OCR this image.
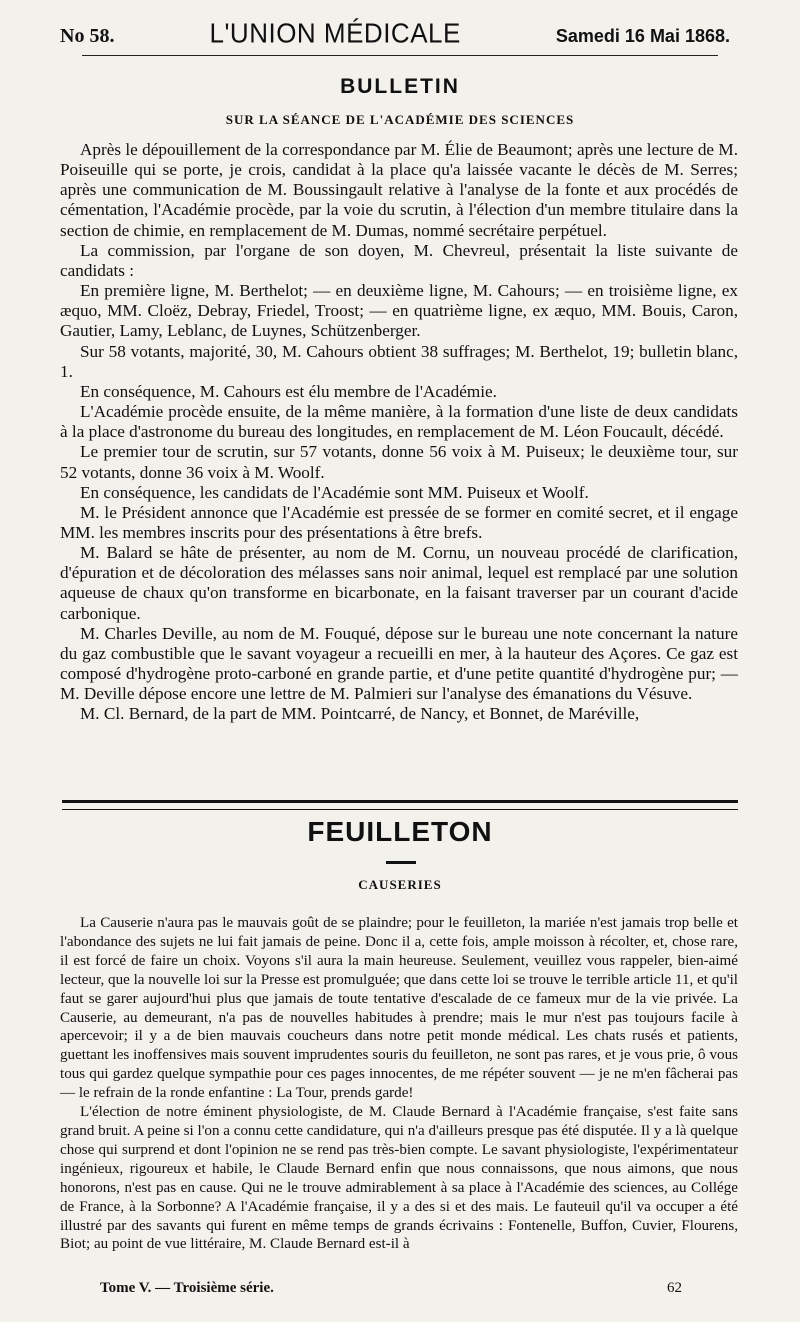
No 58.	L'UNION MÉDICALE	Samedi 16 Mai 1868.
BULLETIN
SUR LA SÉANCE DE L'ACADÉMIE DES SCIENCES

Après le dépouillement de la correspondance par M. Élie de Beaumont; après une lecture de M. Poiseuille qui se porte, je crois, candidat à la place qu'a laissée vacante le décès de M. Serres; après une communication de M. Boussingault relative à l'analyse de la fonte et aux procédés de cémentation, l'Académie procède, par la voie du scrutin, à l'élection d'un membre titulaire dans la section de chimie, en remplacement de M. Dumas, nommé secrétaire perpétuel.

La commission, par l'organe de son doyen, M. Chevreul, présentait la liste suivante de candidats :

En première ligne, M. Berthelot; — en deuxième ligne, M. Cahours; — en troisième ligne, ex æquo, MM. Cloëz, Debray, Friedel, Troost; — en quatrième ligne, ex æquo, MM. Bouis, Caron, Gautier, Lamy, Leblanc, de Luynes, Schützenberger.

Sur 58 votants, majorité, 30, M. Cahours obtient 38 suffrages; M. Berthelot, 19; bulletin blanc, 1.

En conséquence, M. Cahours est élu membre de l'Académie.

L'Académie procède ensuite, de la même manière, à la formation d'une liste de deux candidats à la place d'astronome du bureau des longitudes, en remplacement de M. Léon Foucault, décédé.

Le premier tour de scrutin, sur 57 votants, donne 56 voix à M. Puiseux; le deuxième tour, sur 52 votants, donne 36 voix à M. Woolf.

En conséquence, les candidats de l'Académie sont MM. Puiseux et Woolf.

M. le Président annonce que l'Académie est pressée de se former en comité secret, et il engage MM. les membres inscrits pour des présentations à être brefs.

M. Balard se hâte de présenter, au nom de M. Cornu, un nouveau procédé de clarification, d'épuration et de décoloration des mélasses sans noir animal, lequel est remplacé par une solution aqueuse de chaux qu'on transforme en bicarbonate, en la faisant traverser par un courant d'acide carbonique.

M. Charles Deville, au nom de M. Fouqué, dépose sur le bureau une note concernant la nature du gaz combustible que le savant voyageur a recueilli en mer, à la hauteur des Açores. Ce gaz est composé d'hydrogène proto-carboné en grande partie, et d'une petite quantité d'hydrogène pur; — M. Deville dépose encore une lettre de M. Palmieri sur l'analyse des émanations du Vésuve.

M. Cl. Bernard, de la part de MM. Pointcarré, de Nancy, et Bonnet, de Maréville,

FEUILLETON
CAUSERIES

La Causerie n'aura pas le mauvais goût de se plaindre; pour le feuilleton, la mariée n'est jamais trop belle et l'abondance des sujets ne lui fait jamais de peine. Donc il a, cette fois, ample moisson à récolter, et, chose rare, il est forcé de faire un choix. Voyons s'il aura la main heureuse. Seulement, veuillez vous rappeler, bien-aimé lecteur, que la nouvelle loi sur la Presse est promulguée; que dans cette loi se trouve le terrible article 11, et qu'il faut se garer aujourd'hui plus que jamais de toute tentative d'escalade de ce fameux mur de la vie privée. La Causerie, au demeurant, n'a pas de nouvelles habitudes à prendre; mais le mur n'est pas toujours facile à apercevoir; il y a de bien mauvais coucheurs dans notre petit monde médical. Les chats rusés et patients, guettant les inoffensives mais souvent imprudentes souris du feuilleton, ne sont pas rares, et je vous prie, ô vous tous qui gardez quelque sympathie pour ces pages innocentes, de me répéter souvent — je ne m'en fâcherai pas — le refrain de la ronde enfantine : La Tour, prends garde!

L'élection de notre éminent physiologiste, de M. Claude Bernard à l'Académie française, s'est faite sans grand bruit. A peine si l'on a connu cette candidature, qui n'a d'ailleurs presque pas été disputée. Il y a là quelque chose qui surprend et dont l'opinion ne se rend pas très-bien compte. Le savant physiologiste, l'expérimentateur ingénieux, rigoureux et habile, le Claude Bernard enfin que nous connaissons, que nous aimons, que nous honorons, n'est pas en cause. Qui ne le trouve admirablement à sa place à l'Académie des sciences, au Collége de France, à la Sorbonne? A l'Académie française, il y a des si et des mais. Le fauteuil qu'il va occuper a été illustré par des savants qui furent en même temps de grands écrivains : Fontenelle, Buffon, Cuvier, Flourens, Biot; au point de vue littéraire, M. Claude Bernard est-il à

Tome V. — Troisième série.	62
